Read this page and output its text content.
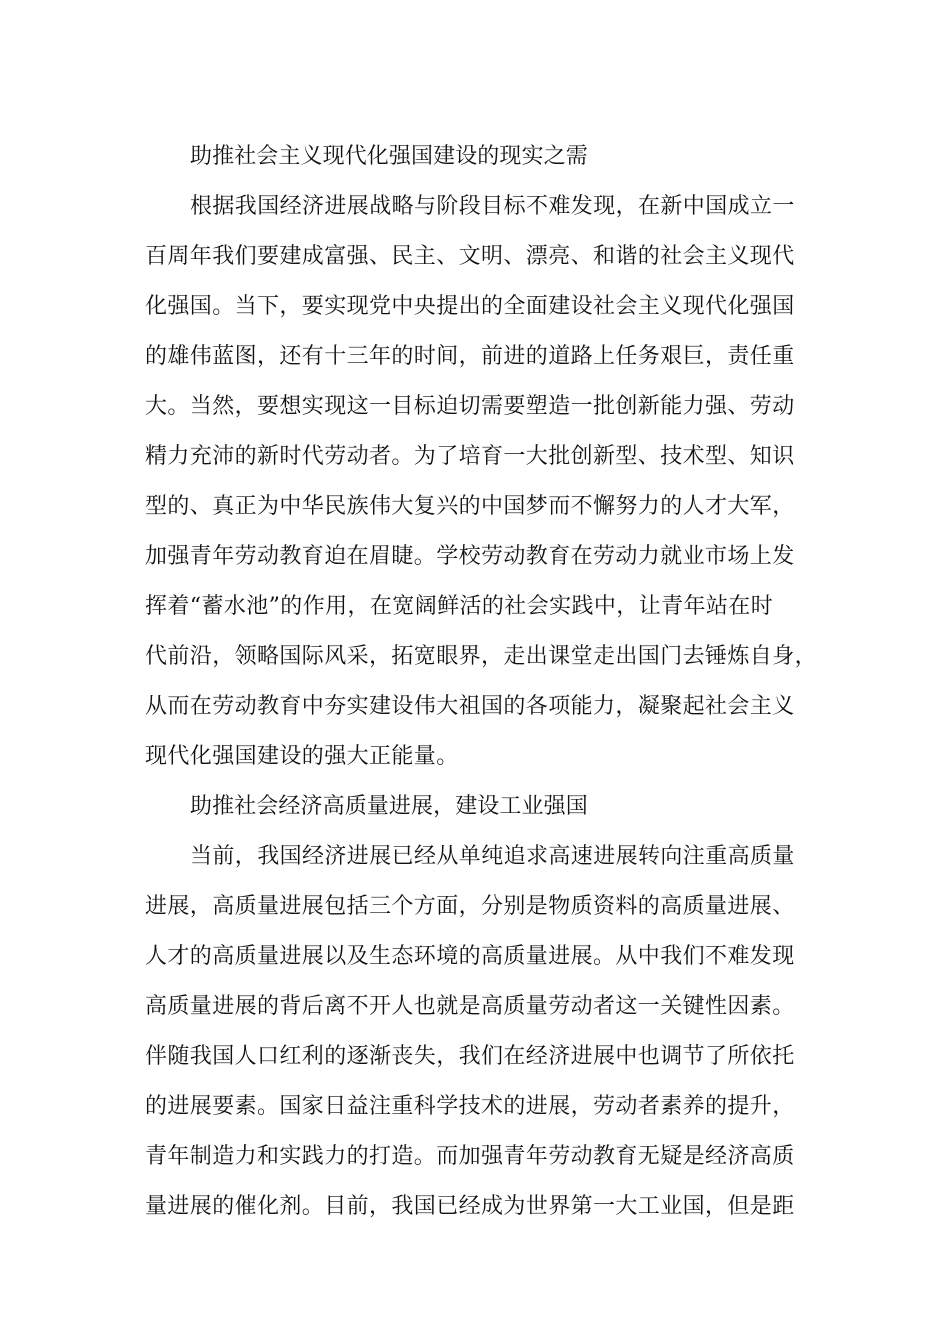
助推社会主义现代化强国建设的现实之需
根据我国经济进展战略与阶段目标不难发现，在新中国成立一
百周年我们要建成富强、民主、文明、漂亮、和谐的社会主义现代
化强国。当下，要实现党中央提出的全面建设社会主义现代化强国
的雄伟蓝图，还有十三年的时间，前进的道路上任务艰巨，责任重
大。当然，要想实现这一目标迫切需要塑造一批创新能力强、劳动
精力充沛的新时代劳动者。为了培育一大批创新型、技术型、知识
型的、真正为中华民族伟大复兴的中国梦而不懈努力的人才大军，
加强青年劳动教育迫在眉睫。学校劳动教育在劳动力就业市场上发
挥着“蓄水池”的作用，在宽阔鲜活的社会实践中，让青年站在时
代前沿，领略国际风采，拓宽眼界，走出课堂走出国门去锤炼自身，
从而在劳动教育中夯实建设伟大祖国的各项能力，凝聚起社会主义
现代化强国建设的强大正能量。
助推社会经济高质量进展，建设工业强国
当前，我国经济进展已经从单纯追求高速进展转向注重高质量
进展，高质量进展包括三个方面，分别是物质资料的高质量进展、
人才的高质量进展以及生态环境的高质量进展。从中我们不难发现
高质量进展的背后离不开人也就是高质量劳动者这一关键性因素。
伴随我国人口红利的逐渐丧失，我们在经济进展中也调节了所依托
的进展要素。国家日益注重科学技术的进展，劳动者素养的提升，
青年制造力和实践力的打造。而加强青年劳动教育无疑是经济高质
量进展的催化剂。目前，我国已经成为世界第一大工业国，但是距
